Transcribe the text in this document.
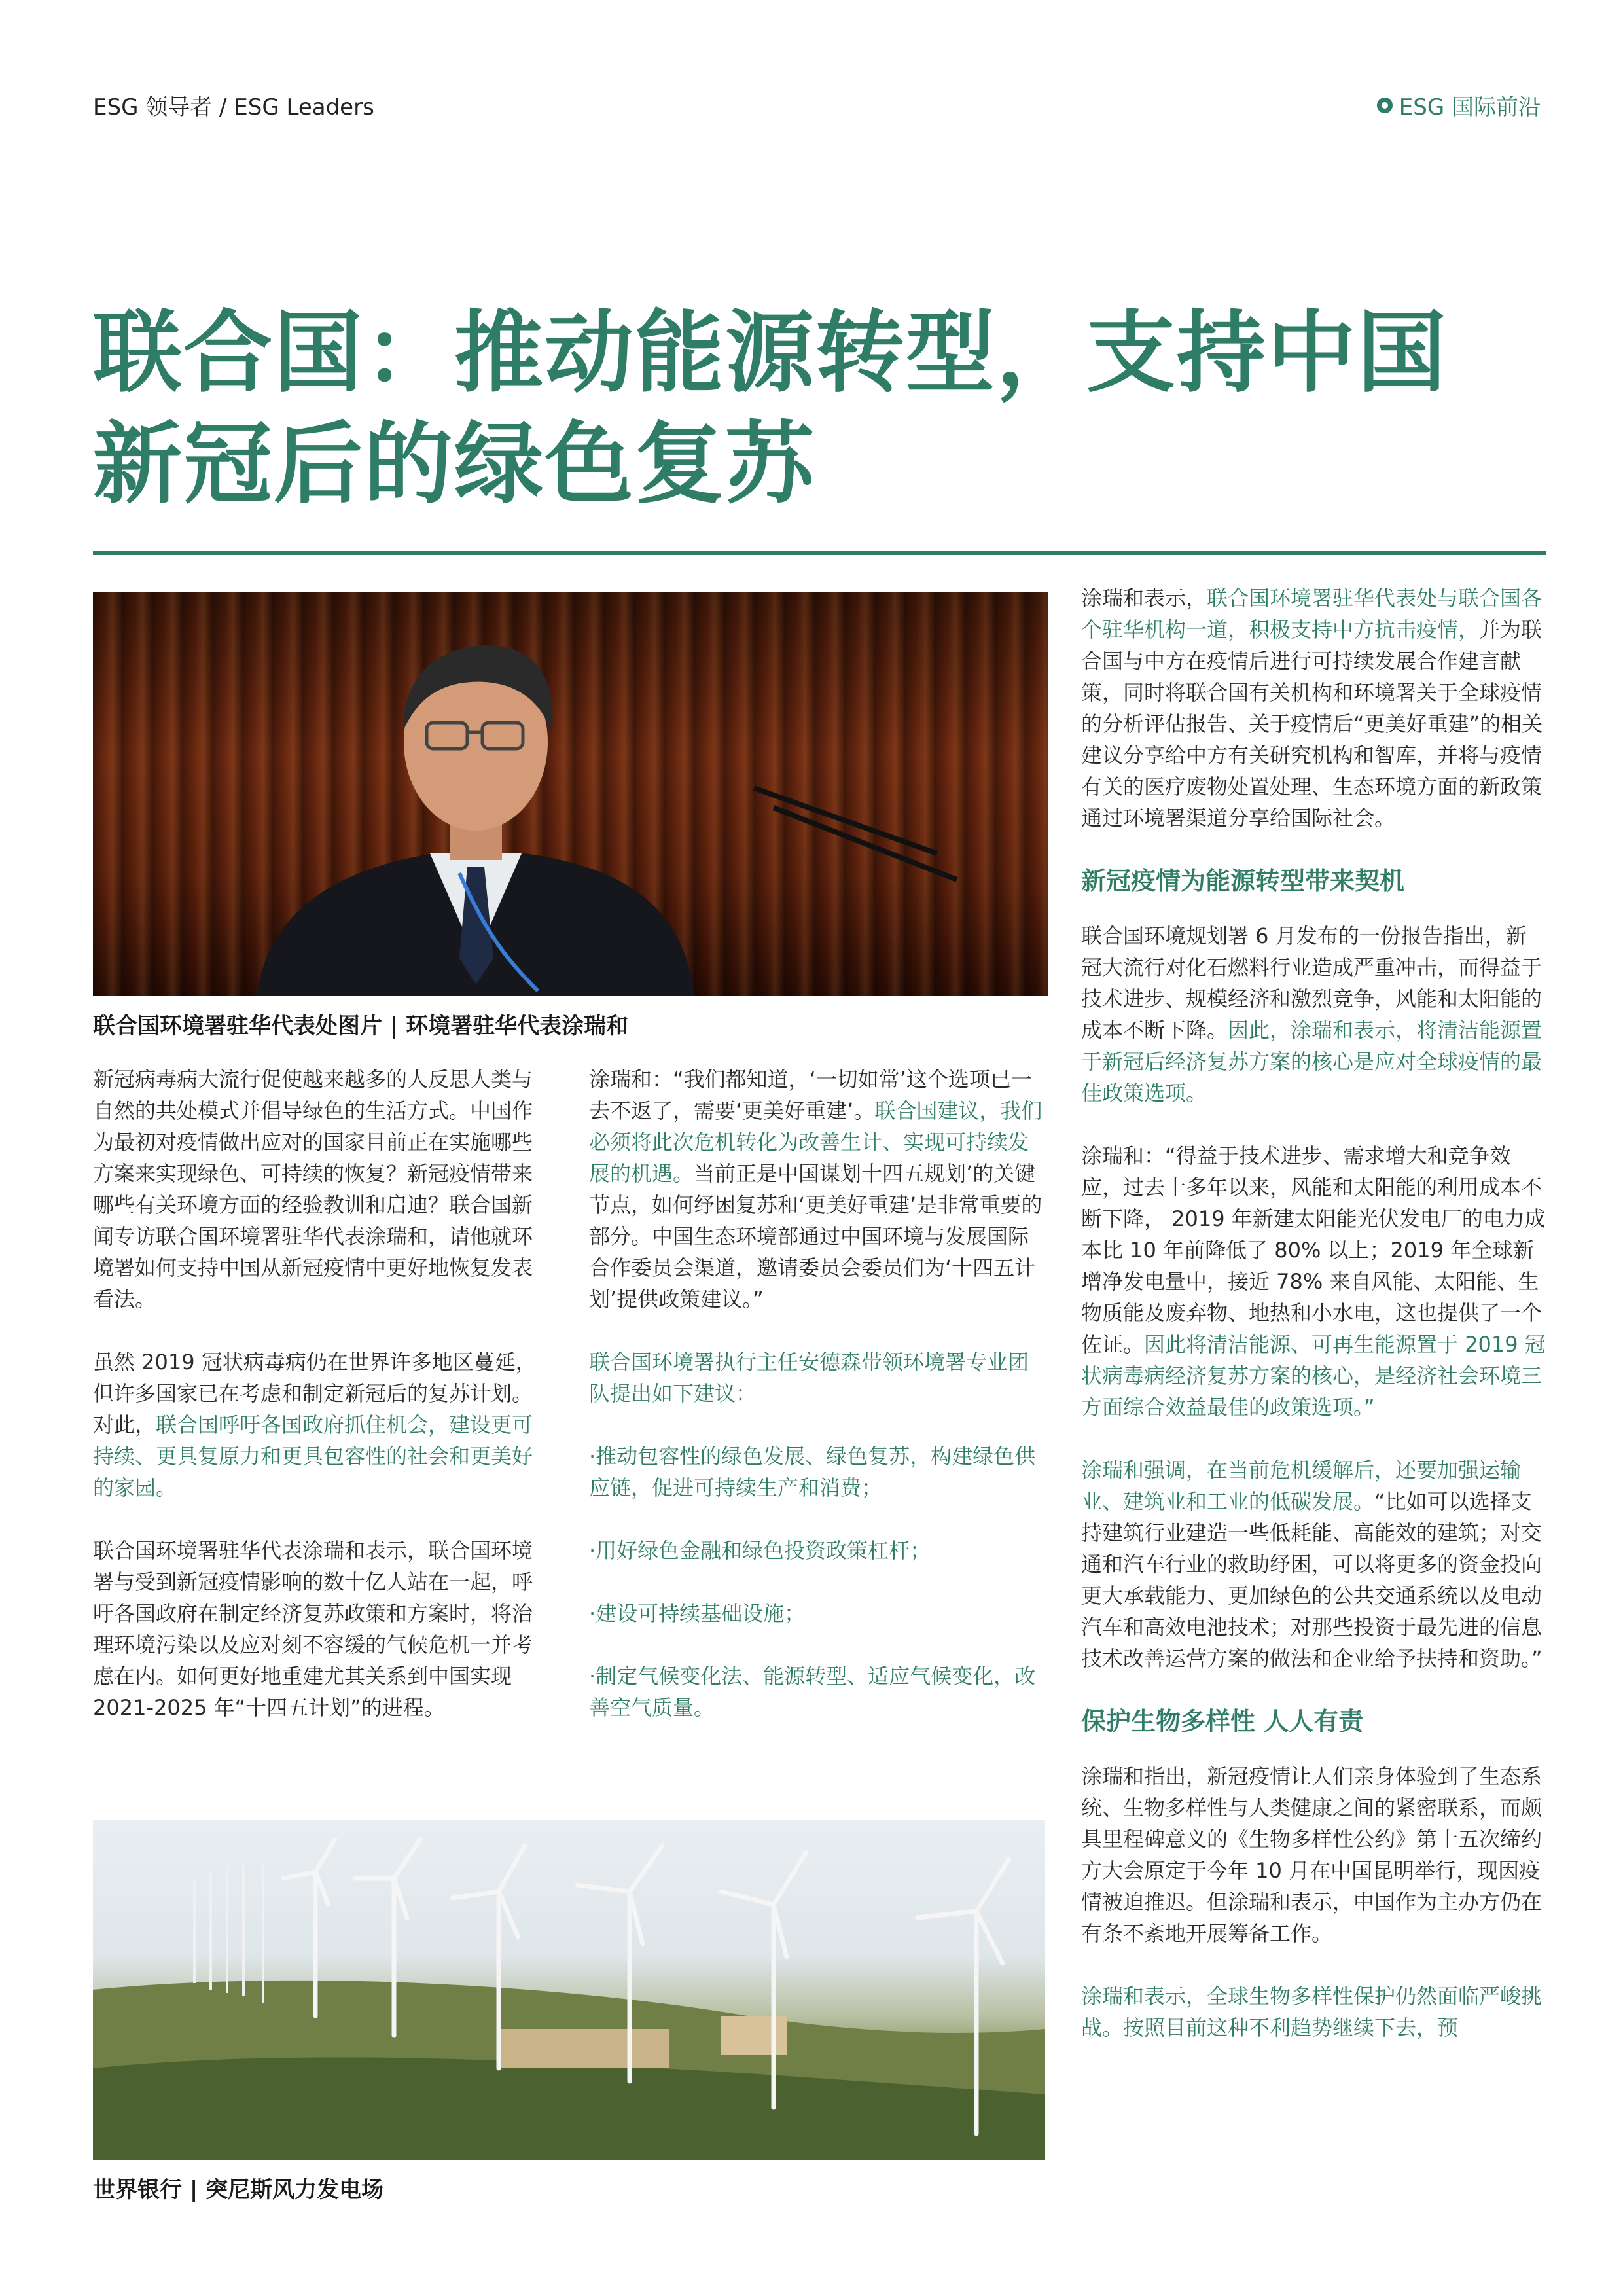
ESG 领导者 / ESG Leaders	ESG 国际前沿
联合国：推动能源转型，支持中国
新冠后的绿色复苏
联合国环境署驻华代表处图片 | 环境署驻华代表涂瑞和

新冠病毒病大流行促使越来越多的人反思人类与自然的共处模式并倡导绿色的生活方式。中国作为最初对疫情做出应对的国家目前正在实施哪些方案来实现绿色、可持续的恢复？新冠疫情带来哪些有关环境方面的经验教训和启迪？联合国新闻专访联合国环境署驻华代表涂瑞和，请他就环境署如何支持中国从新冠疫情中更好地恢复发表看法。

虽然 2019 冠状病毒病仍在世界许多地区蔓延，但许多国家已在考虑和制定新冠后的复苏计划。对此，联合国呼吁各国政府抓住机会，建设更可持续、更具复原力和更具包容性的社会和更美好的家园。

联合国环境署驻华代表涂瑞和表示，联合国环境署与受到新冠疫情影响的数十亿人站在一起，呼吁各国政府在制定经济复苏政策和方案时，将治理环境污染以及应对刻不容缓的气候危机一并考虑在内。如何更好地重建尤其关系到中国实现 2021-2025 年“十四五计划”的进程。

涂瑞和：“我们都知道，‘一切如常’这个选项已一去不返了，需要‘更美好重建’。联合国建议，我们必须将此次危机转化为改善生计、实现可持续发展的机遇。当前正是中国谋划十四五规划’的关键节点，如何纾困复苏和‘更美好重建’是非常重要的部分。中国生态环境部通过中国环境与发展国际合作委员会渠道，邀请委员会委员们为‘十四五计划’提供政策建议。”

联合国环境署执行主任安德森带领环境署专业团队提出如下建议：

·推动包容性的绿色发展、绿色复苏，构建绿色供应链，促进可持续生产和消费；

·用好绿色金融和绿色投资政策杠杆；

·建设可持续基础设施；

·制定气候变化法、能源转型、适应气候变化，改善空气质量。

涂瑞和表示，联合国环境署驻华代表处与联合国各个驻华机构一道，积极支持中方抗击疫情，并为联合国与中方在疫情后进行可持续发展合作建言献策，同时将联合国有关机构和环境署关于全球疫情的分析评估报告、关于疫情后“更美好重建”的相关建议分享给中方有关研究机构和智库，并将与疫情有关的医疗废物处置处理、生态环境方面的新政策通过环境署渠道分享给国际社会。

新冠疫情为能源转型带来契机

联合国环境规划署 6 月发布的一份报告指出，新冠大流行对化石燃料行业造成严重冲击，而得益于技术进步、规模经济和激烈竞争，风能和太阳能的成本不断下降。因此，涂瑞和表示，将清洁能源置于新冠后经济复苏方案的核心是应对全球疫情的最佳政策选项。

涂瑞和：“得益于技术进步、需求增大和竞争效应，过去十多年以来，风能和太阳能的利用成本不断下降， 2019 年新建太阳能光伏发电厂的电力成本比 10 年前降低了 80% 以上；2019 年全球新增净发电量中，接近 78% 来自风能、太阳能、生物质能及废弃物、地热和小水电，这也提供了一个佐证。因此将清洁能源、可再生能源置于 2019 冠状病毒病经济复苏方案的核心，是经济社会环境三方面综合效益最佳的政策选项。”

涂瑞和强调，在当前危机缓解后，还要加强运输业、建筑业和工业的低碳发展。“比如可以选择支持建筑行业建造一些低耗能、高能效的建筑；对交通和汽车行业的救助纾困，可以将更多的资金投向更大承载能力、更加绿色的公共交通系统以及电动汽车和高效电池技术；对那些投资于最先进的信息技术改善运营方案的做法和企业给予扶持和资助。”

保护生物多样性 人人有责

涂瑞和指出，新冠疫情让人们亲身体验到了生态系统、生物多样性与人类健康之间的紧密联系，而颇具里程碑意义的《生物多样性公约》第十五次缔约方大会原定于今年 10 月在中国昆明举行，现因疫情被迫推迟。但涂瑞和表示，中国作为主办方仍在有条不紊地开展筹备工作。

涂瑞和表示，全球生物多样性保护仍然面临严峻挑战。按照目前这种不利趋势继续下去，预

世界银行 | 突尼斯风力发电场
